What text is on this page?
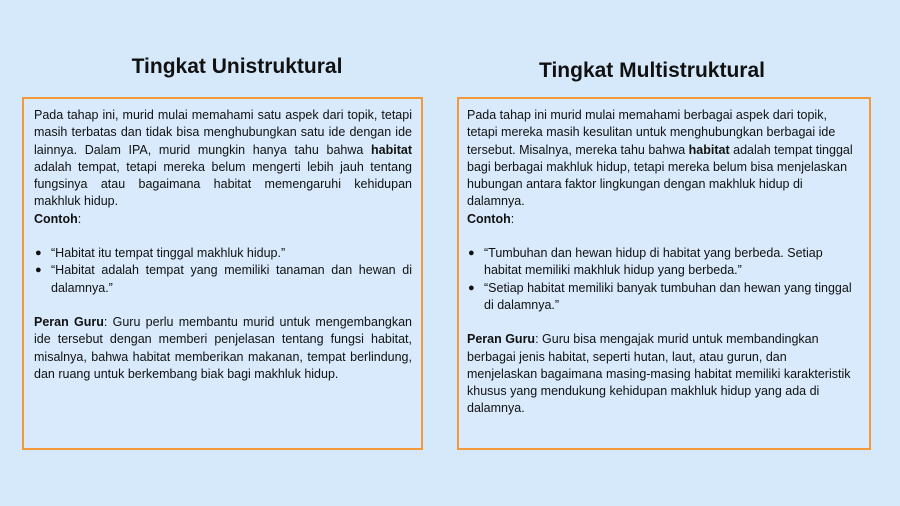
Tingkat Unistruktural	Tingkat Multistruktural

Pada tahap ini, murid mulai memahami satu aspek dari topik, tetapi masih terbatas dan tidak bisa menghubungkan satu ide dengan ide lainnya. Dalam IPA, murid mungkin hanya tahu bahwa habitat adalah tempat, tetapi mereka belum mengerti lebih jauh tentang fungsinya atau bagaimana habitat memengaruhi kehidupan makhluk hidup.

Contoh:

● “Habitat itu tempat tinggal makhluk hidup.”
● “Habitat adalah tempat yang memiliki tanaman dan hewan di dalamnya.”

Peran Guru: Guru perlu membantu murid untuk mengembangkan ide tersebut dengan memberi penjelasan tentang fungsi habitat, misalnya, bahwa habitat memberikan makanan, tempat berlindung, dan ruang untuk berkembang biak bagi makhluk hidup.

Pada tahap ini murid mulai memahami berbagai aspek dari topik, tetapi mereka masih kesulitan untuk menghubungkan berbagai ide tersebut. Misalnya, mereka tahu bahwa habitat adalah tempat tinggal bagi berbagai makhluk hidup, tetapi mereka belum bisa menjelaskan hubungan antara faktor lingkungan dengan makhluk hidup di dalamnya.

Contoh:

● “Tumbuhan dan hewan hidup di habitat yang berbeda. Setiap habitat memiliki makhluk hidup yang berbeda.”
● “Setiap habitat memiliki banyak tumbuhan dan hewan yang tinggal di dalamnya.”

Peran Guru: Guru bisa mengajak murid untuk membandingkan berbagai jenis habitat, seperti hutan, laut, atau gurun, dan menjelaskan bagaimana masing-masing habitat memiliki karakteristik khusus yang mendukung kehidupan makhluk hidup yang ada di dalamnya.
